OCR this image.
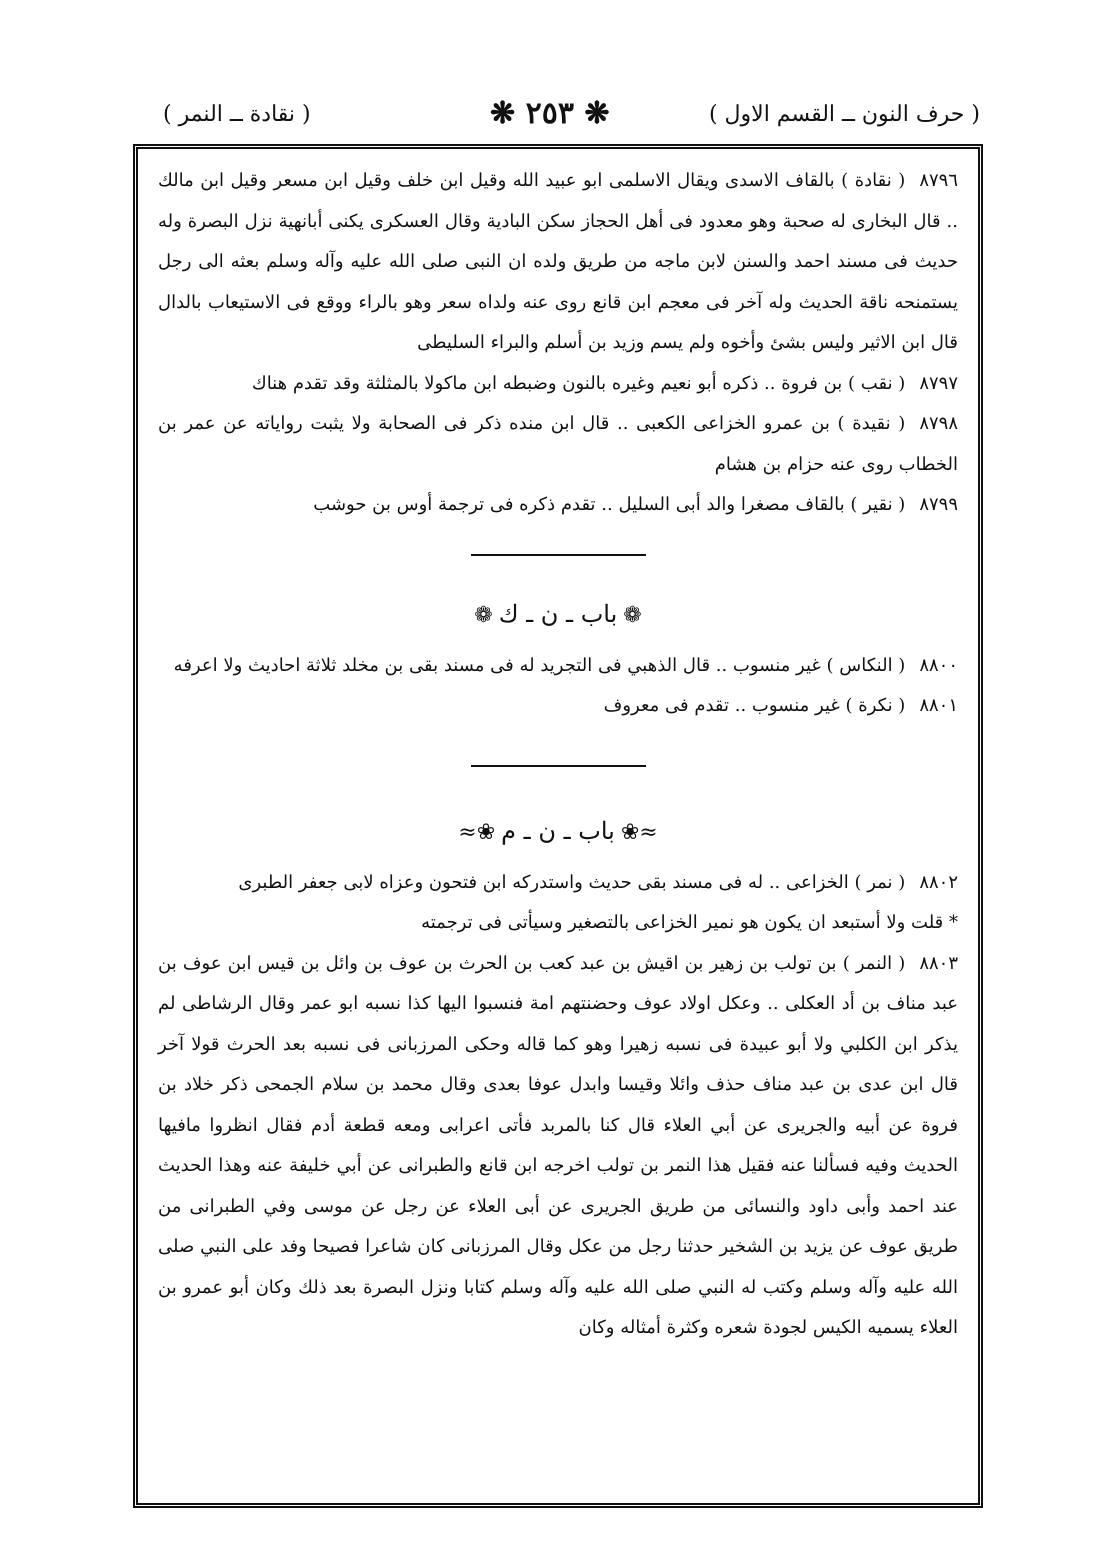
( نقادة ــ النمر )	❋ ٢٥٣ ❋	( حرف النون ــ القسم الاول )

٨٧٩٦( نقادة ) بالقاف الاسدى ويقال الاسلمى ابو عبيد الله وقيل ابن خلف وقيل ابن مسعر وقيل ابن مالك .. قال البخارى له صحبة وهو معدود فى أهل الحجاز سكن البادية وقال العسكرى يكنى أبانهية نزل البصرة وله حديث فى مسند احمد والسنن لابن ماجه من طريق ولده ان النبى صلى الله عليه وآله وسلم بعثه الى رجل يستمنحه ناقة الحديث وله آخر فى معجم ابن قانع روى عنه ولداه سعر وهو بالراء ووقع فى الاستيعاب بالدال قال ابن الاثير وليس بشئ وأخوه ولم يسم وزيد بن أسلم والبراء السليطى

٨٧٩٧( نقب ) بن فروة .. ذكره أبو نعيم وغيره بالنون وضبطه ابن ماكولا بالمثلثة وقد تقدم هناك

٨٧٩٨( نقيدة ) بن عمرو الخزاعى الكعبى .. قال ابن منده ذكر فى الصحابة ولا يثبت رواياته عن عمر بن الخطاب روى عنه حزام بن هشام

٨٧٩٩( نقير ) بالقاف مصغرا والد أبى السليل .. تقدم ذكره فى ترجمة أوس بن حوشب

❁باب ـ ن ـ ك❁

٨٨٠٠( النكاس ) غير منسوب .. قال الذهبي فى التجريد له فى مسند بقى بن مخلد ثلاثة احاديث ولا اعرفه

٨٨٠١( نكرة ) غير منسوب .. تقدم فى معروف

≈❀باب ـ ن ـ م❀≈

٨٨٠٢( نمر ) الخزاعى .. له فى مسند بقى حديث واستدركه ابن فتحون وعزاه لابى جعفر الطبرى

* قلت ولا أستبعد ان يكون هو نمير الخزاعى بالتصغير وسيأتى فى ترجمته

٨٨٠٣( النمر ) بن تولب بن زهير بن اقيش بن عبد كعب بن الحرث بن عوف بن وائل بن قيس ابن عوف بن عبد مناف بن أد العكلى .. وعكل اولاد عوف وحضنتهم امة فنسبوا اليها كذا نسبه ابو عمر وقال الرشاطى لم يذكر ابن الكلبي ولا أبو عبيدة فى نسبه زهيرا وهو كما قاله وحكى المرزبانى فى نسبه بعد الحرث قولا آخر قال ابن عدى بن عبد مناف حذف وائلا وقيسا وابدل عوفا بعدى وقال محمد بن سلام الجمحى ذكر خلاد بن فروة عن أبيه والجريرى عن أبي العلاء قال كنا بالمربد فأتى اعرابى ومعه قطعة أدم فقال انظروا مافيها الحديث وفيه فسألنا عنه فقيل هذا النمر بن تولب اخرجه ابن قانع والطبرانى عن أبي خليفة عنه وهذا الحديث عند احمد وأبى داود والنسائى من طريق الجريرى عن أبى العلاء عن رجل عن موسى وفي الطبرانى من طريق عوف عن يزيد بن الشخير حدثنا رجل من عكل وقال المرزبانى كان شاعرا فصيحا وفد على النبي صلى الله عليه وآله وسلم وكتب له النبي صلى الله عليه وآله وسلم كتابا ونزل البصرة بعد ذلك وكان أبو عمرو بن العلاء يسميه الكيس لجودة شعره وكثرة أمثاله وكان
